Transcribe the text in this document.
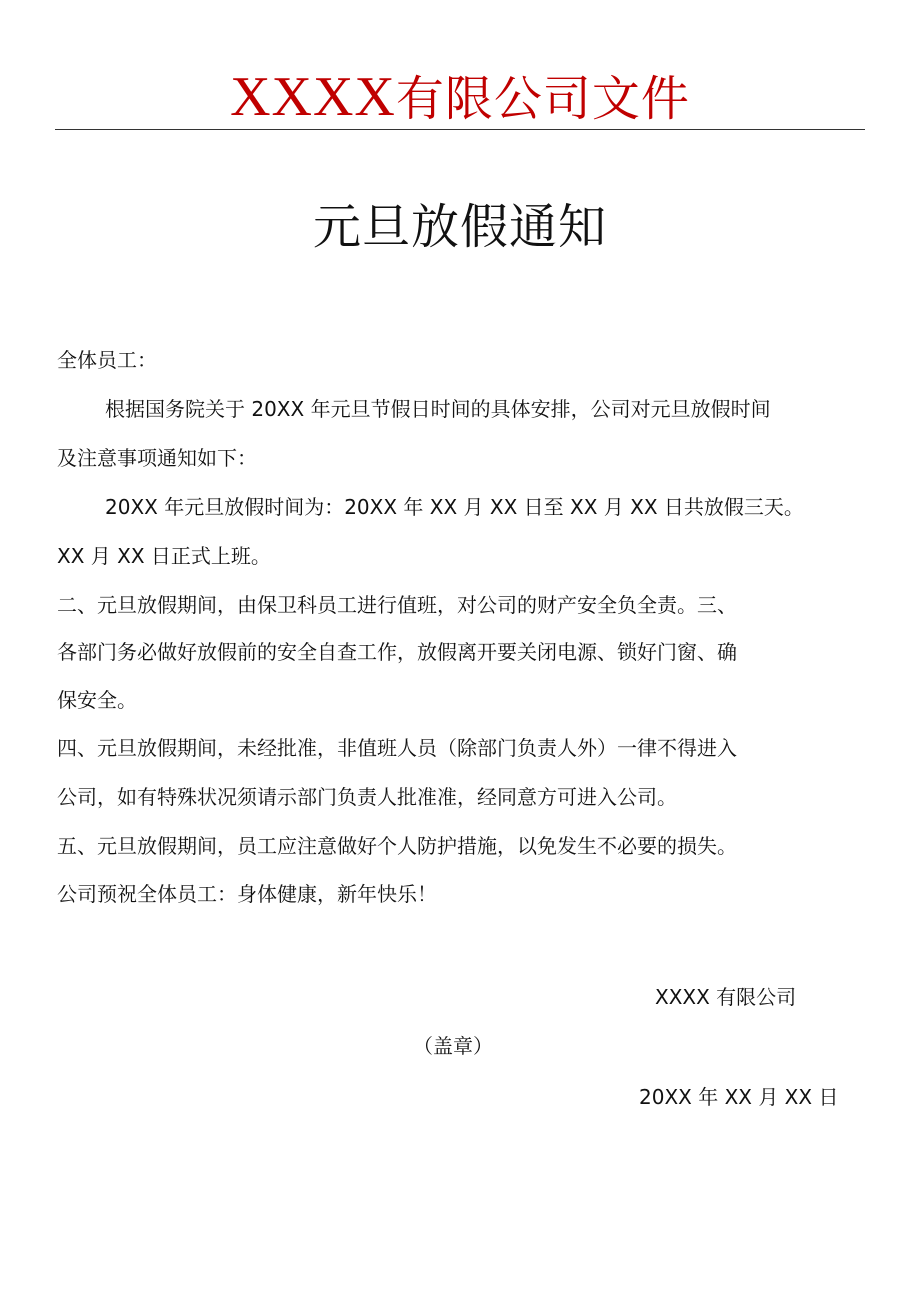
XXXX有限公司文件
元旦放假通知
全体员工：
根据国务院关于 20XX 年元旦节假日时间的具体安排，公司对元旦放假时间
及注意事项通知如下：
20XX 年元旦放假时间为：20XX 年 XX 月 XX 日至 XX 月 XX 日共放假三天。
XX 月 XX 日正式上班。
二、元旦放假期间，由保卫科员工进行值班，对公司的财产安全负全责。三、
各部门务必做好放假前的安全自查工作，放假离开要关闭电源、锁好门窗、确
保安全。
四、元旦放假期间，未经批准，非值班人员（除部门负责人外）一律不得进入
公司，如有特殊状况须请示部门负责人批准准，经同意方可进入公司。
五、元旦放假期间，员工应注意做好个人防护措施，以免发生不必要的损失。
公司预祝全体员工：身体健康，新年快乐！
XXXX 有限公司
（盖章）
20XX 年 XX 月 XX 日
